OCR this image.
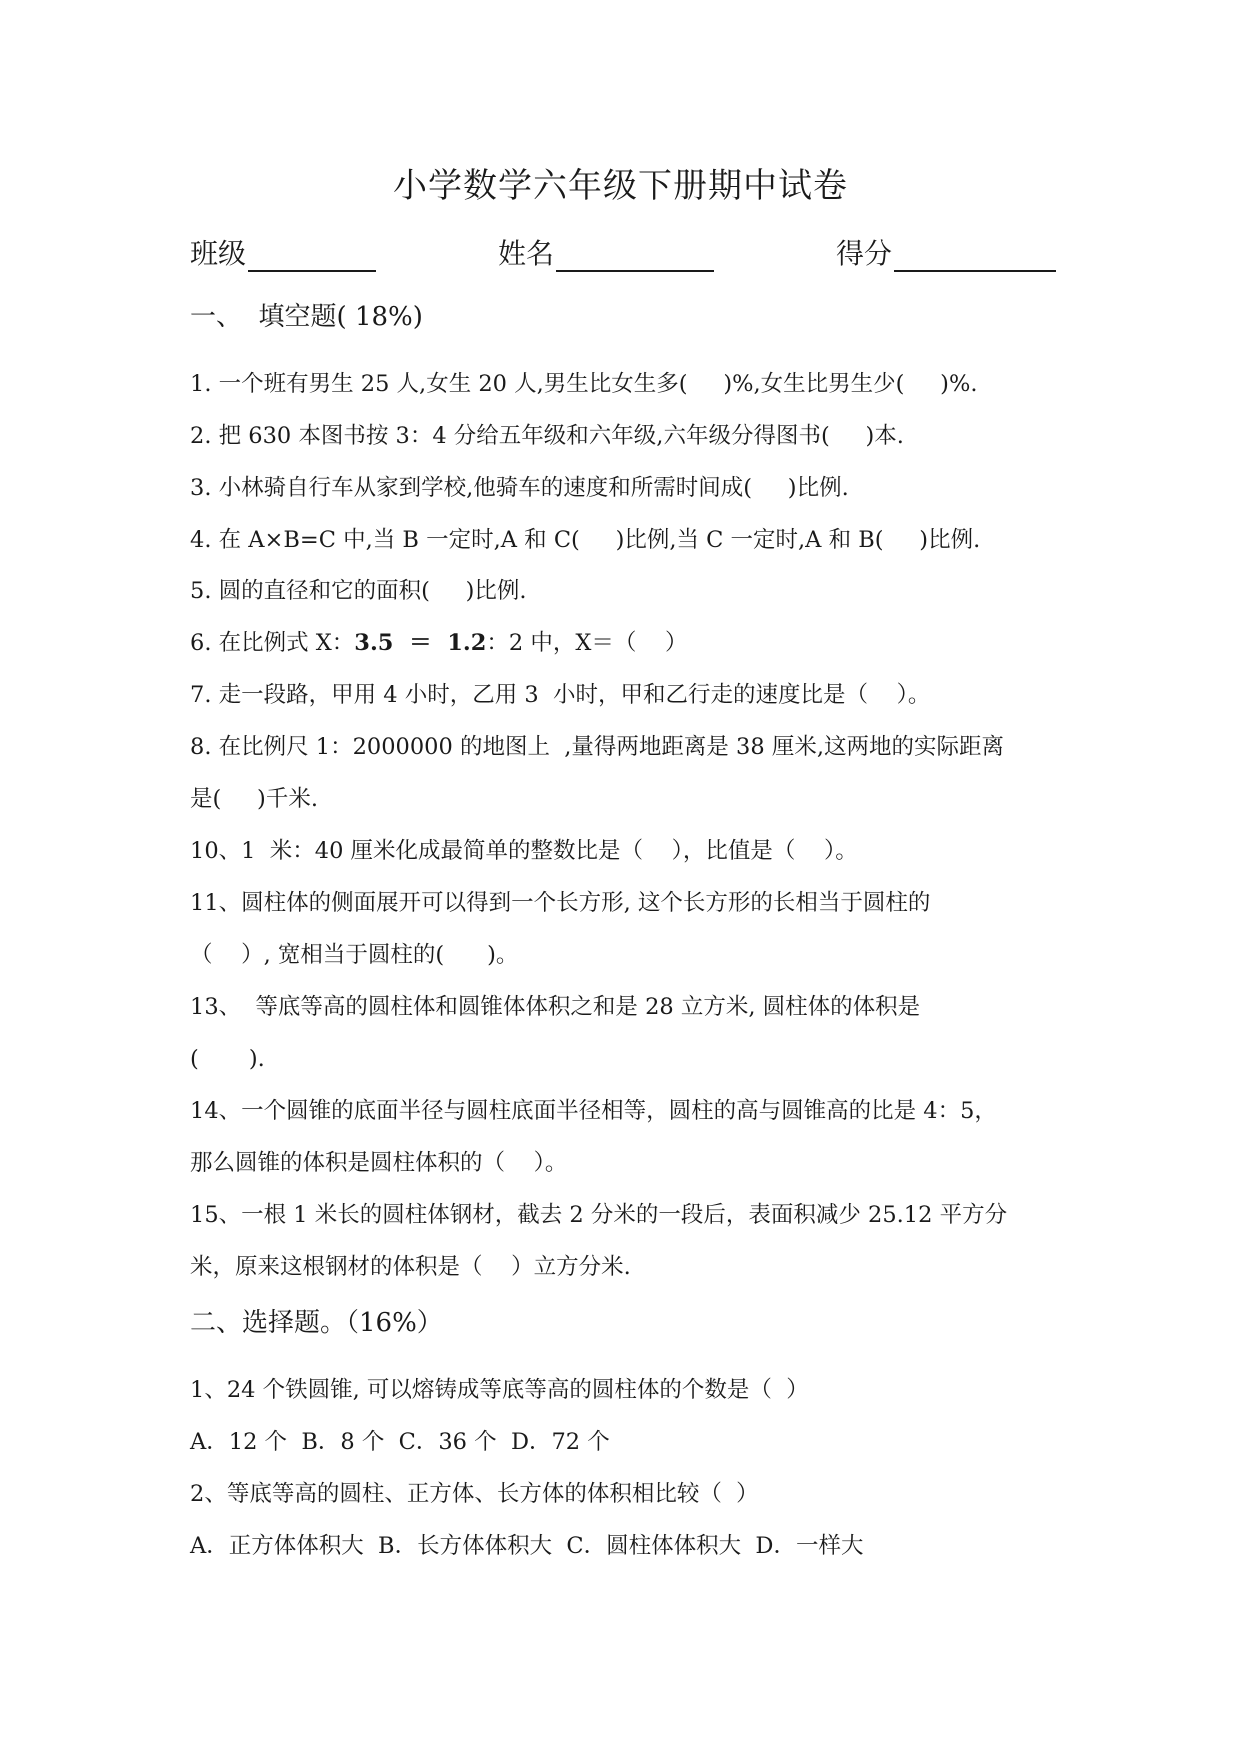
小学数学六年级下册期中试卷
班级	姓名	得分
一、  填空题( 18%)
1. 一个班有男生 25 人,女生 20 人,男生比女生多(     )%,女生比男生少(     )%.
2. 把 630 本图书按 3：4 分给五年级和六年级,六年级分得图书(     )本.
3. 小林骑自行车从家到学校,他骑车的速度和所需时间成(     )比例.
4. 在 A×B=C 中,当 B 一定时,A 和 C(     )比例,当 C 一定时,A 和 B(     )比例.
5. 圆的直径和它的面积(     )比例.
6. 在比例式 X：3.5  ＝  1.2：2 中，X＝（    ）
7. 走一段路，甲用 4 小时，乙用 3  小时，甲和乙行走的速度比是（    ）。
8. 在比例尺 1：2000000 的地图上  ,量得两地距离是 38 厘米,这两地的实际距离
是(     )千米.
10、1  米：40 厘米化成最简单的整数比是（    ），比值是（    ）。
11、圆柱体的侧面展开可以得到一个长方形, 这个长方形的长相当于圆柱的
（    ）, 宽相当于圆柱的(      )。
13、  等底等高的圆柱体和圆锥体体积之和是 28 立方米, 圆柱体的体积是
(       ).
14、一个圆锥的底面半径与圆柱底面半径相等，圆柱的高与圆锥高的比是 4：5，
那么圆锥的体积是圆柱体积的（    ）。
15、一根 1 米长的圆柱体钢材，截去 2 分米的一段后，表面积减少 25.12 平方分
米，原来这根钢材的体积是（    ）立方分米.
二、选择题。（16%）
1、24 个铁圆锥, 可以熔铸成等底等高的圆柱体的个数是（  ）
A．12 个  B．8 个  C．36 个  D．72 个
2、等底等高的圆柱、正方体、长方体的体积相比较（  ）
A．正方体体积大  B．长方体体积大  C．圆柱体体积大  D．一样大
